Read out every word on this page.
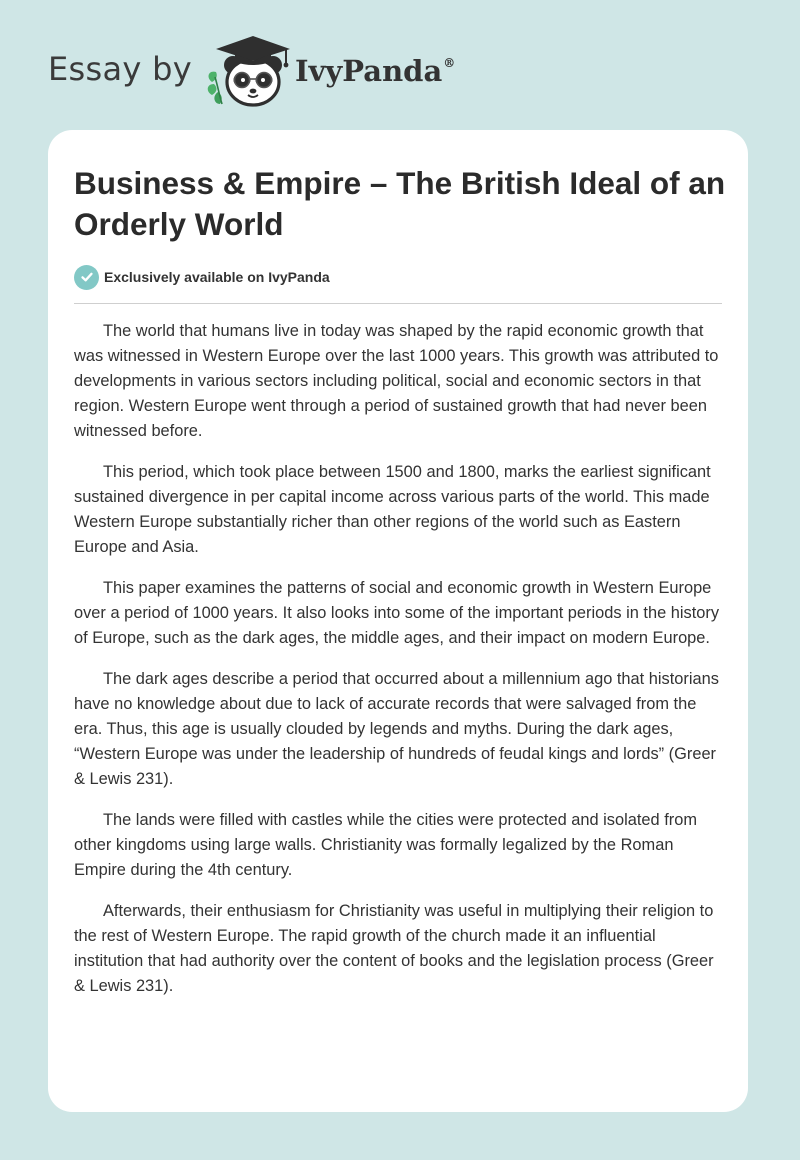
Essay by	IvyPanda®
Business & Empire – The British Ideal of an Orderly World
Exclusively available on IvyPanda

The world that humans live in today was shaped by the rapid economic growth that was witnessed in Western Europe over the last 1000 years. This growth was attributed to developments in various sectors including political, social and economic sectors in that region. Western Europe went through a period of sustained growth that had never been witnessed before.

This period, which took place between 1500 and 1800, marks the earliest significant sustained divergence in per capital income across various parts of the world. This made Western Europe substantially richer than other regions of the world such as Eastern Europe and Asia.

This paper examines the patterns of social and economic growth in Western Europe over a period of 1000 years. It also looks into some of the important periods in the history of Europe, such as the dark ages, the middle ages, and their impact on modern Europe.

The dark ages describe a period that occurred about a millennium ago that historians have no knowledge about due to lack of accurate records that were salvaged from the era. Thus, this age is usually clouded by legends and myths. During the dark ages, “Western Europe was under the leadership of hundreds of feudal kings and lords” (Greer & Lewis 231).

The lands were filled with castles while the cities were protected and isolated from other kingdoms using large walls. Christianity was formally legalized by the Roman Empire during the 4th century.

Afterwards, their enthusiasm for Christianity was useful in multiplying their religion to the rest of Western Europe. The rapid growth of the church made it an influential institution that had authority over the content of books and the legislation process (Greer & Lewis 231).
